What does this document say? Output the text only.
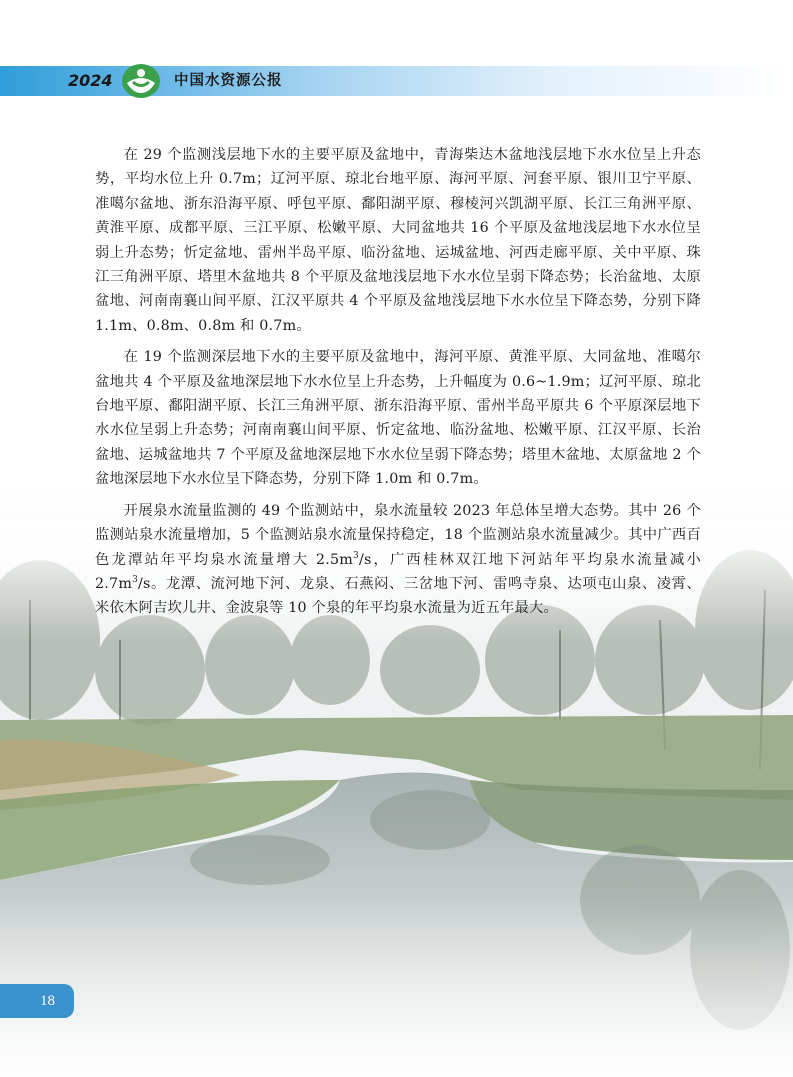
2024	中国水资源公报

在 29 个监测浅层地下水的主要平原及盆地中，青海柴达木盆地浅层地下水水位呈上升态势，平均水位上升 0.7m；辽河平原、琼北台地平原、海河平原、河套平原、银川卫宁平原、准噶尔盆地、浙东沿海平原、呼包平原、鄱阳湖平原、穆棱河兴凯湖平原、长江三角洲平原、黄淮平原、成都平原、三江平原、松嫩平原、大同盆地共 16 个平原及盆地浅层地下水水位呈弱上升态势；忻定盆地、雷州半岛平原、临汾盆地、运城盆地、河西走廊平原、关中平原、珠江三角洲平原、塔里木盆地共 8 个平原及盆地浅层地下水水位呈弱下降态势；长治盆地、太原盆地、河南南襄山间平原、江汉平原共 4 个平原及盆地浅层地下水水位呈下降态势，分别下降 1.1m、0.8m、0.8m 和 0.7m。

在 19 个监测深层地下水的主要平原及盆地中，海河平原、黄淮平原、大同盆地、准噶尔盆地共 4 个平原及盆地深层地下水水位呈上升态势，上升幅度为 0.6~1.9m；辽河平原、琼北台地平原、鄱阳湖平原、长江三角洲平原、浙东沿海平原、雷州半岛平原共 6 个平原深层地下水水位呈弱上升态势；河南南襄山间平原、忻定盆地、临汾盆地、松嫩平原、江汉平原、长治盆地、运城盆地共 7 个平原及盆地深层地下水水位呈弱下降态势；塔里木盆地、太原盆地 2 个盆地深层地下水水位呈下降态势，分别下降 1.0m 和 0.7m。

开展泉水流量监测的 49 个监测站中，泉水流量较 2023 年总体呈增大态势。其中 26 个监测站泉水流量增加，5 个监测站泉水流量保持稳定，18 个监测站泉水流量减少。其中广西百色龙潭站年平均泉水流量增大 $2.5m^3/s$，广西桂林双江地下河站年平均泉水流量减小 $2.7m^3/s$。龙潭、流河地下河、龙泉、石燕闷、三岔地下河、雷鸣寺泉、达项屯山泉、凌霄、米依木阿吉坎儿井、金波泉等 10 个泉的年平均泉水流量为近五年最大。

18
